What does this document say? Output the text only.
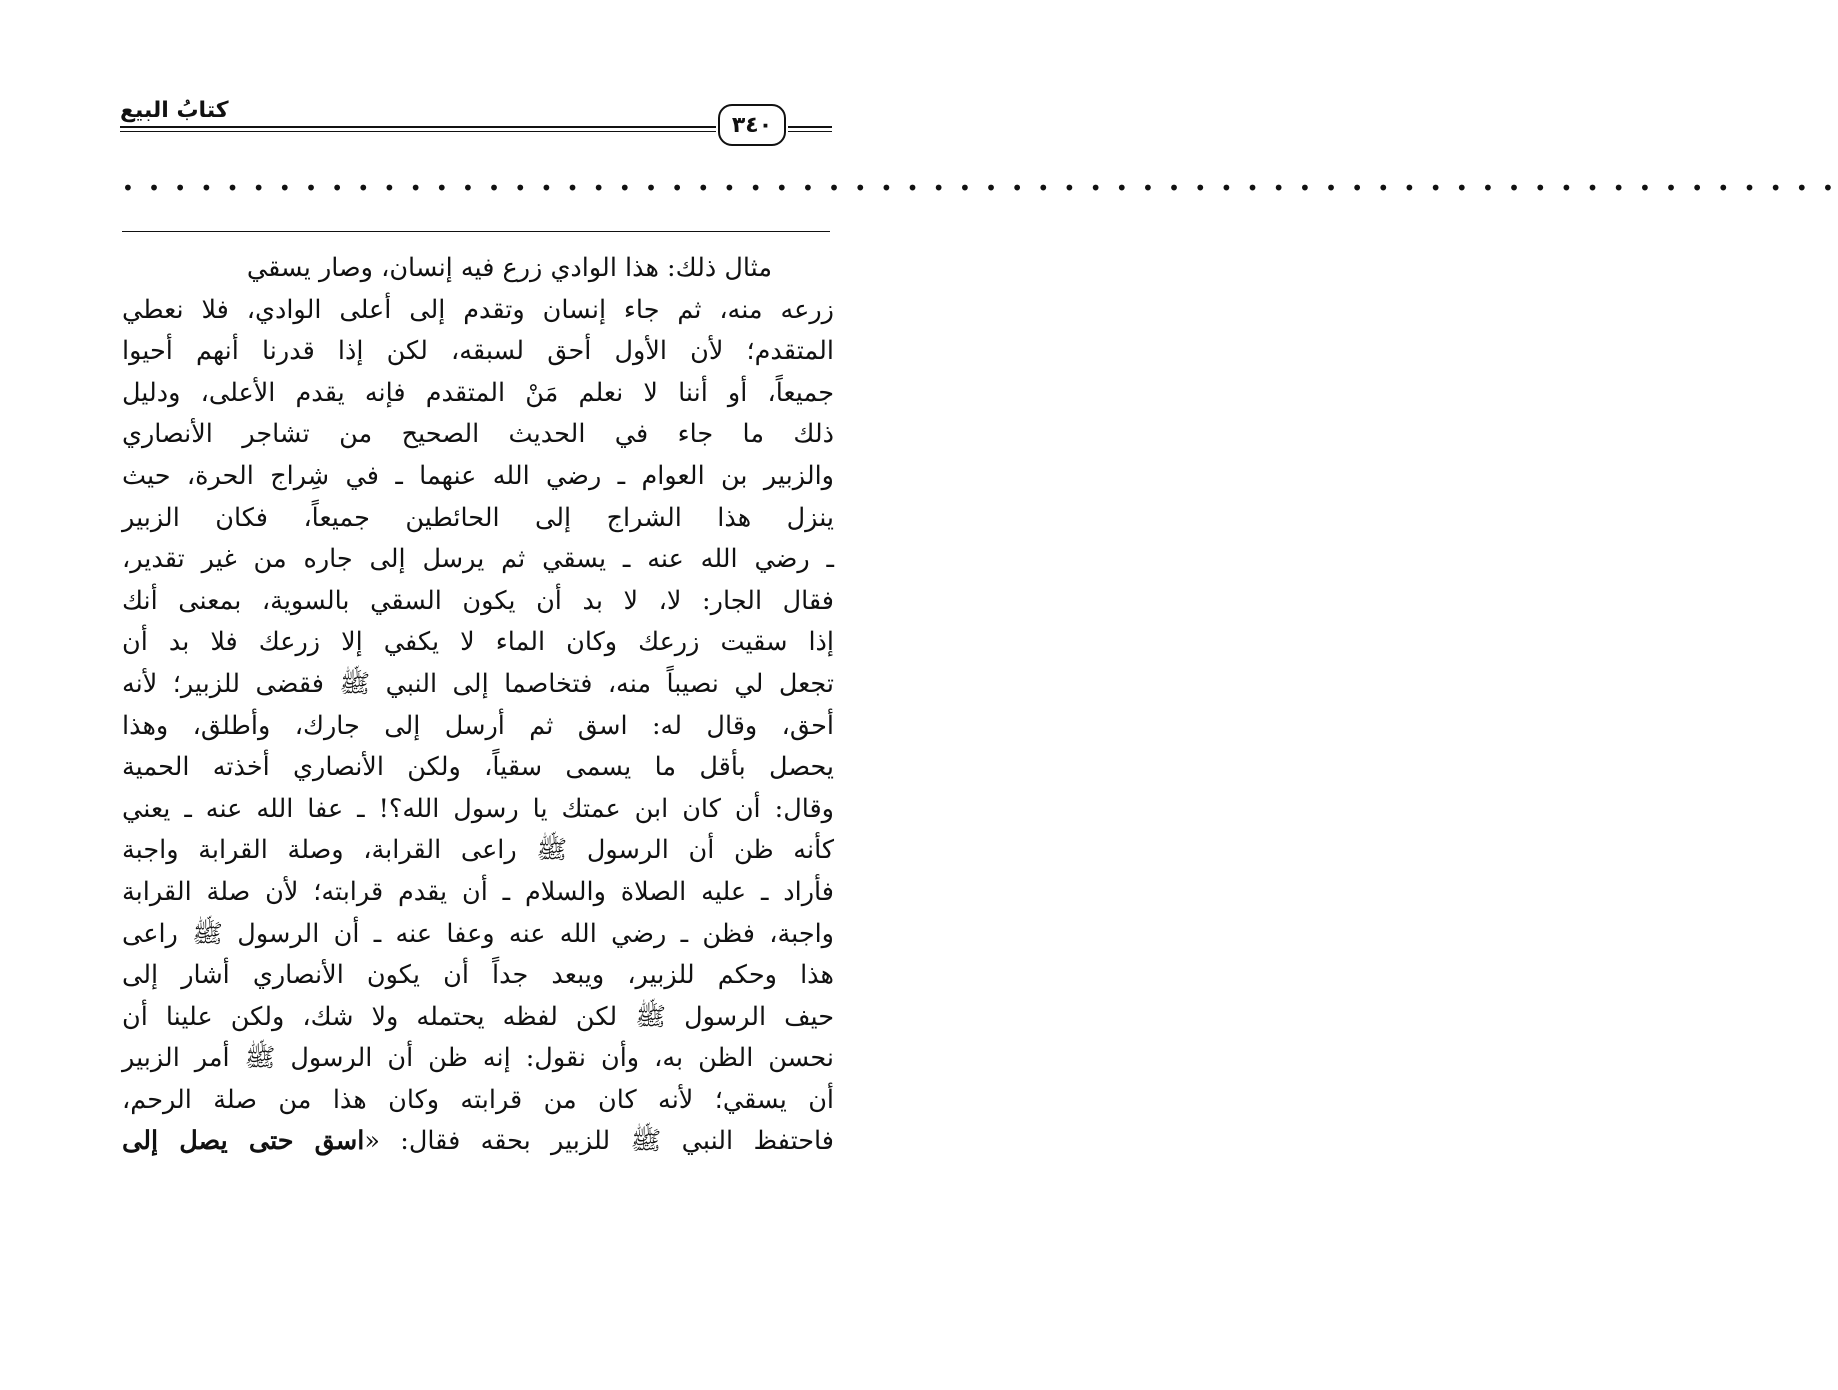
كتابُ البيع
٣٤٠
• • • • • • • • • • • • • • • • • • • • • • • • • • • • • • • • • • • • • • • • • • • • • • • • • • • • • • • • • • • • • • • • • •
مثال ذلك: هذا الوادي زرع فيه إنسان، وصار يسقي
زرعه منه، ثم جاء إنسان وتقدم إلى أعلى الوادي، فلا نعطي
المتقدم؛ لأن الأول أحق لسبقه، لكن إذا قدرنا أنهم أحيوا
جميعاً، أو أننا لا نعلم مَنْ المتقدم فإنه يقدم الأعلى، ودليل
ذلك ما جاء في الحديث الصحيح من تشاجر الأنصاري
والزبير بن العوام ـ رضي الله عنهما ـ في شِراج الحرة، حيث
ينزل هذا الشراج إلى الحائطين جميعاً، فكان الزبير
ـ رضي الله عنه ـ يسقي ثم يرسل إلى جاره من غير تقدير،
فقال الجار: لا، لا بد أن يكون السقي بالسوية، بمعنى أنك
إذا سقيت زرعك وكان الماء لا يكفي إلا زرعك فلا بد أن
تجعل لي نصيباً منه، فتخاصما إلى النبي ﷺ فقضى للزبير؛ لأنه
أحق، وقال له: اسق ثم أرسل إلى جارك، وأطلق، وهذا
يحصل بأقل ما يسمى سقياً، ولكن الأنصاري أخذته الحمية
وقال: أن كان ابن عمتك يا رسول الله؟! ـ عفا الله عنه ـ يعني
كأنه ظن أن الرسول ﷺ راعى القرابة، وصلة القرابة واجبة
فأراد ـ عليه الصلاة والسلام ـ أن يقدم قرابته؛ لأن صلة القرابة
واجبة، فظن ـ رضي الله عنه وعفا عنه ـ أن الرسول ﷺ راعى
هذا وحكم للزبير، ويبعد جداً أن يكون الأنصاري أشار إلى
حيف الرسول ﷺ لكن لفظه يحتمله ولا شك، ولكن علينا أن
نحسن الظن به، وأن نقول: إنه ظن أن الرسول ﷺ أمر الزبير
أن يسقي؛ لأنه كان من قرابته وكان هذا من صلة الرحم،
فاحتفظ النبي ﷺ للزبير بحقه فقال: «اسق حتى يصل إلى
